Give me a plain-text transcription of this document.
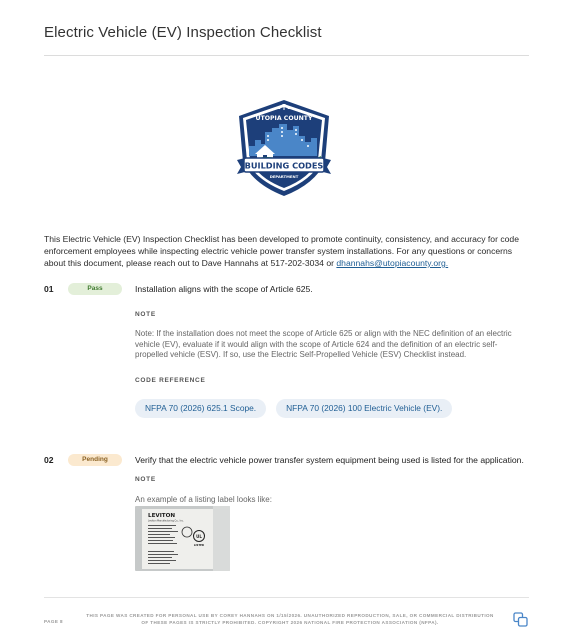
Electric Vehicle (EV) Inspection Checklist
UTOPIA COUNTY
BUILDING CODES
DEPARTMENT

This Electric Vehicle (EV) Inspection Checklist has been developed to promote continuity, consistency, and accuracy for code enforcement employees while inspecting electric vehicle power transfer system installations. For any questions or concerns about this document, please reach out to Dave Hannahs at 517-202-3034 or dhannahs@utopiacounty.org.

01	Pass	Installation aligns with the scope of Article 625.

NOTE

Note: If the installation does not meet the scope of Article 625 or align with the NEC definition of an electric vehicle (EV), evaluate if it would align with the scope of Article 624 and the definition of an electric self-propelled vehicle (ESV). If so, use the Electric Self-Propelled Vehicle (ESV) Checklist instead.

CODE REFERENCE

NFPA 70 (2026) 625.1 Scope.	NFPA 70 (2026) 100 Electric Vehicle (EV).
02	Pending	Verify that the electric vehicle power transfer system equipment being used is listed for the application.

NOTE

An example of a listing label looks like:

LEVITON
Leviton Manufacturing Co., Inc.
UL
LISTED
PAGE 8
THIS PAGE WAS CREATED FOR PERSONAL USE BY COREY HANNAHS ON 1/15/2026. UNAUTHORIZED REPRODUCTION, SALE, OR COMMERCIAL DISTRIBUTION
OF THESE PAGES IS STRICTLY PROHIBITED. COPYRIGHT 2026 NATIONAL FIRE PROTECTION ASSOCIATION (NFPA).
